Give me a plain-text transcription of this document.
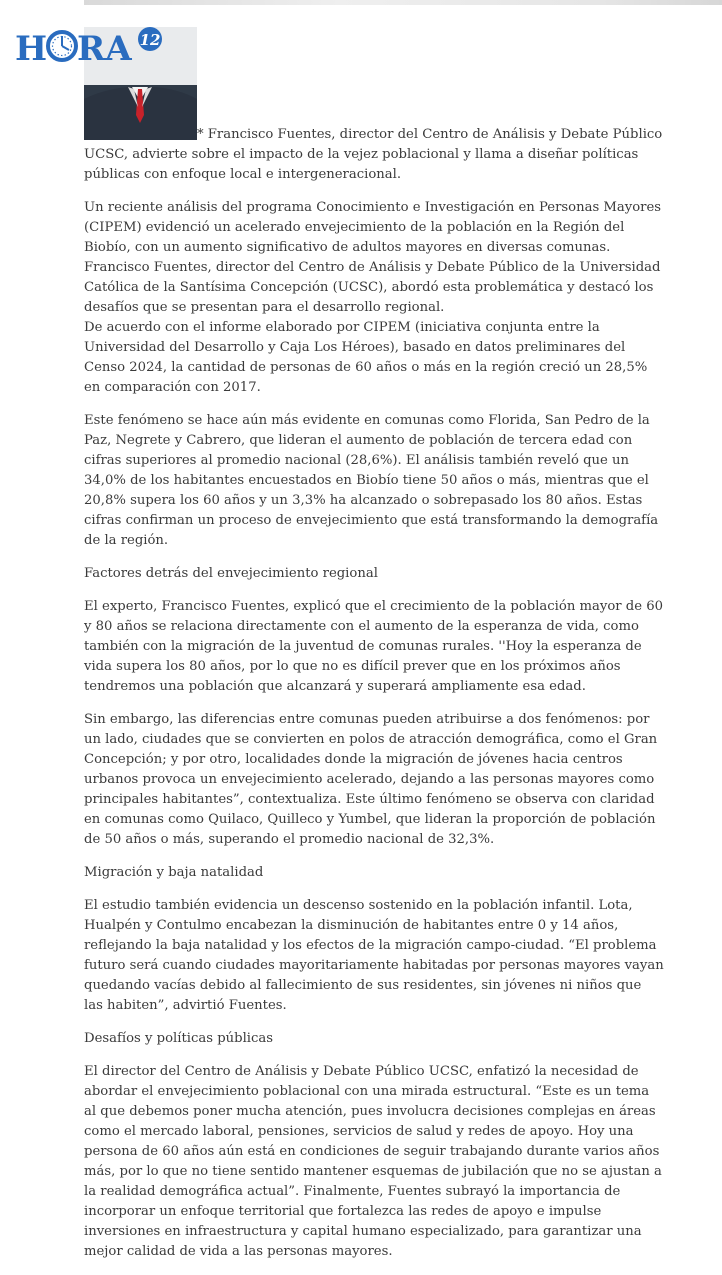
H RA 12

* Francisco Fuentes, director del Centro de Análisis y Debate Público UCSC, advierte sobre el impacto de la vejez poblacional y llama a diseñar políticas públicas con enfoque local e intergeneracional.

Un reciente análisis del programa Conocimiento e Investigación en Personas Mayores (CIPEM) evidenció un acelerado envejecimiento de la población en la Región del Biobío, con un aumento significativo de adultos mayores en diversas comunas. Francisco Fuentes, director del Centro de Análisis y Debate Público de la Universidad Católica de la Santísima Concepción (UCSC), abordó esta problemática y destacó los desafíos que se presentan para el desarrollo regional.

De acuerdo con el informe elaborado por CIPEM (iniciativa conjunta entre la Universidad del Desarrollo y Caja Los Héroes), basado en datos preliminares del Censo 2024, la cantidad de personas de 60 años o más en la región creció un 28,5% en comparación con 2017.

Este fenómeno se hace aún más evidente en comunas como Florida, San Pedro de la Paz, Negrete y Cabrero, que lideran el aumento de población de tercera edad con cifras superiores al promedio nacional (28,6%). El análisis también reveló que un 34,0% de los habitantes encuestados en Biobío tiene 50 años o más, mientras que el 20,8% supera los 60 años y un 3,3% ha alcanzado o sobrepasado los 80 años. Estas cifras confirman un proceso de envejecimiento que está transformando la demografía de la región.

Factores detrás del envejecimiento regional

El experto, Francisco Fuentes, explicó que el crecimiento de la población mayor de 60 y 80 años se relaciona directamente con el aumento de la esperanza de vida, como también con la migración de la juventud de comunas rurales. ''Hoy la esperanza de vida supera los 80 años, por lo que no es difícil prever que en los próximos años tendremos una población que alcanzará y superará ampliamente esa edad.

Sin embargo, las diferencias entre comunas pueden atribuirse a dos fenómenos: por un lado, ciudades que se convierten en polos de atracción demográfica, como el Gran Concepción; y por otro, localidades donde la migración de jóvenes hacia centros urbanos provoca un envejecimiento acelerado, dejando a las personas mayores como principales habitantes”, contextualiza. Este último fenómeno se observa con claridad en comunas como Quilaco, Quilleco y Yumbel, que lideran la proporción de población de 50 años o más, superando el promedio nacional de 32,3%.

Migración y baja natalidad

El estudio también evidencia un descenso sostenido en la población infantil. Lota, Hualpén y Contulmo encabezan la disminución de habitantes entre 0 y 14 años, reflejando la baja natalidad y los efectos de la migración campo-ciudad. “El problema futuro será cuando ciudades mayoritariamente habitadas por personas mayores vayan quedando vacías debido al fallecimiento de sus residentes, sin jóvenes ni niños que las habiten”, advirtió Fuentes.

Desafíos y políticas públicas

El director del Centro de Análisis y Debate Público UCSC, enfatizó la necesidad de abordar el envejecimiento poblacional con una mirada estructural. “Este es un tema al que debemos poner mucha atención, pues involucra decisiones complejas en áreas como el mercado laboral, pensiones, servicios de salud y redes de apoyo. Hoy una persona de 60 años aún está en condiciones de seguir trabajando durante varios años más, por lo que no tiene sentido mantener esquemas de jubilación que no se ajustan a la realidad demográfica actual”. Finalmente, Fuentes subrayó la importancia de incorporar un enfoque territorial que fortalezca las redes de apoyo e impulse inversiones en infraestructura y capital humano especializado, para garantizar una mejor calidad de vida a las personas mayores.
